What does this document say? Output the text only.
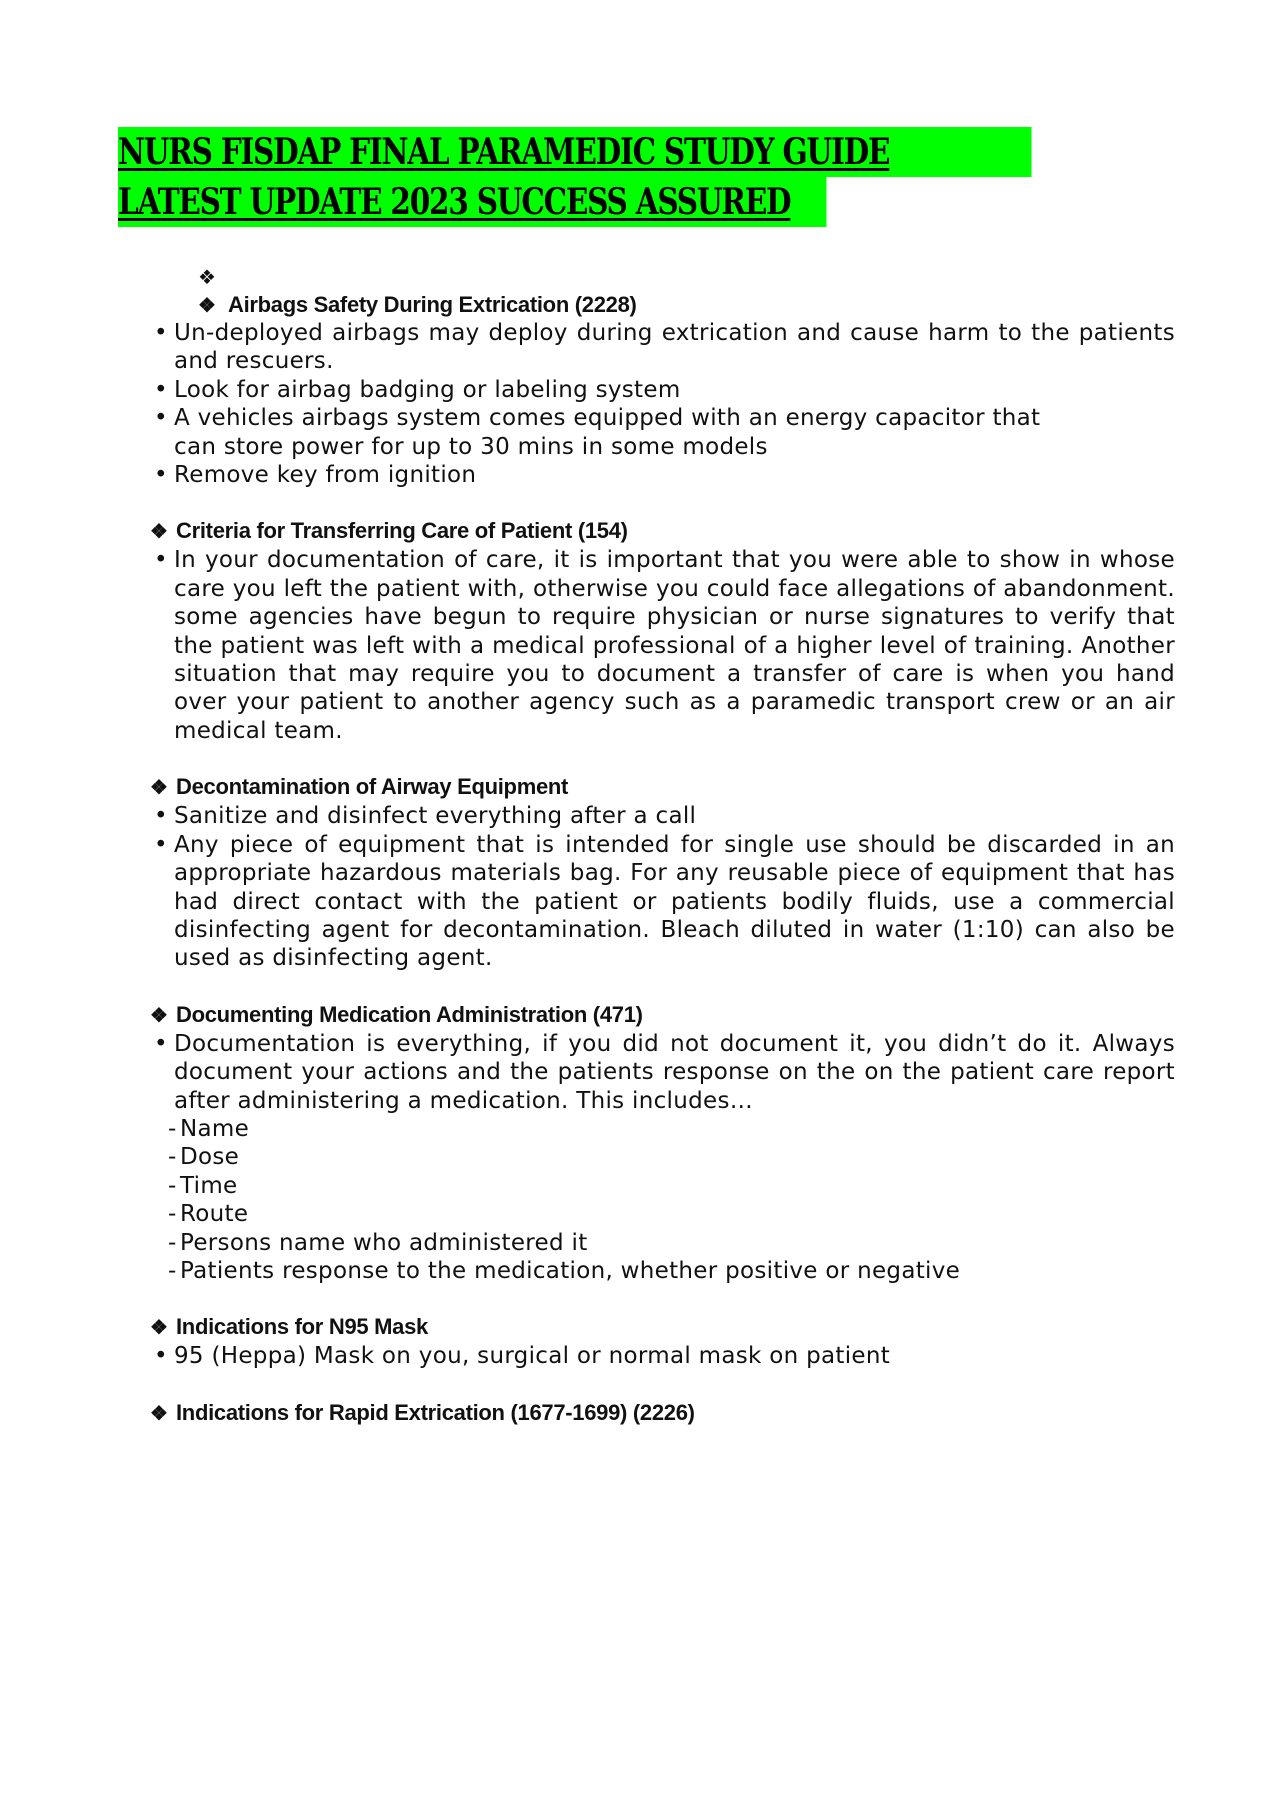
NURS FISDAP FINAL PARAMEDIC STUDY GUIDE
LATEST UPDATE 2023 SUCCESS ASSURED
❖
❖ Airbags Safety During Extrication (2228)
• Un-deployed airbags may deploy during extrication and cause harm to the patients and rescuers.
• Look for airbag badging or labeling system
• A vehicles airbags system comes equipped with an energy capacitor that can store power for up to 30 mins in some models
• Remove key from ignition
❖ Criteria for Transferring Care of Patient (154)
• In your documentation of care, it is important that you were able to show in whose care you left the patient with, otherwise you could face allegations of abandonment. some agencies have begun to require physician or nurse signatures to verify that the patient was left with a medical professional of a higher level of training. Another situation that may require you to document a transfer of care is when you hand over your patient to another agency such as a paramedic transport crew or an air medical team.
❖ Decontamination of Airway Equipment
• Sanitize and disinfect everything after a call
• Any piece of equipment that is intended for single use should be discarded in an appropriate hazardous materials bag. For any reusable piece of equipment that has had direct contact with the patient or patients bodily fluids, use a commercial disinfecting agent for decontamination. Bleach diluted in water (1:10) can also be used as disinfecting agent.
❖ Documenting Medication Administration (471)
• Documentation is everything, if you did not document it, you didn’t do it. Always document your actions and the patients response on the on the patient care report after administering a medication. This includes…
- Name
- Dose
- Time
- Route
- Persons name who administered it
- Patients response to the medication, whether positive or negative
❖ Indications for N95 Mask
• 95 (Heppa) Mask on you, surgical or normal mask on patient
❖ Indications for Rapid Extrication (1677-1699) (2226)
